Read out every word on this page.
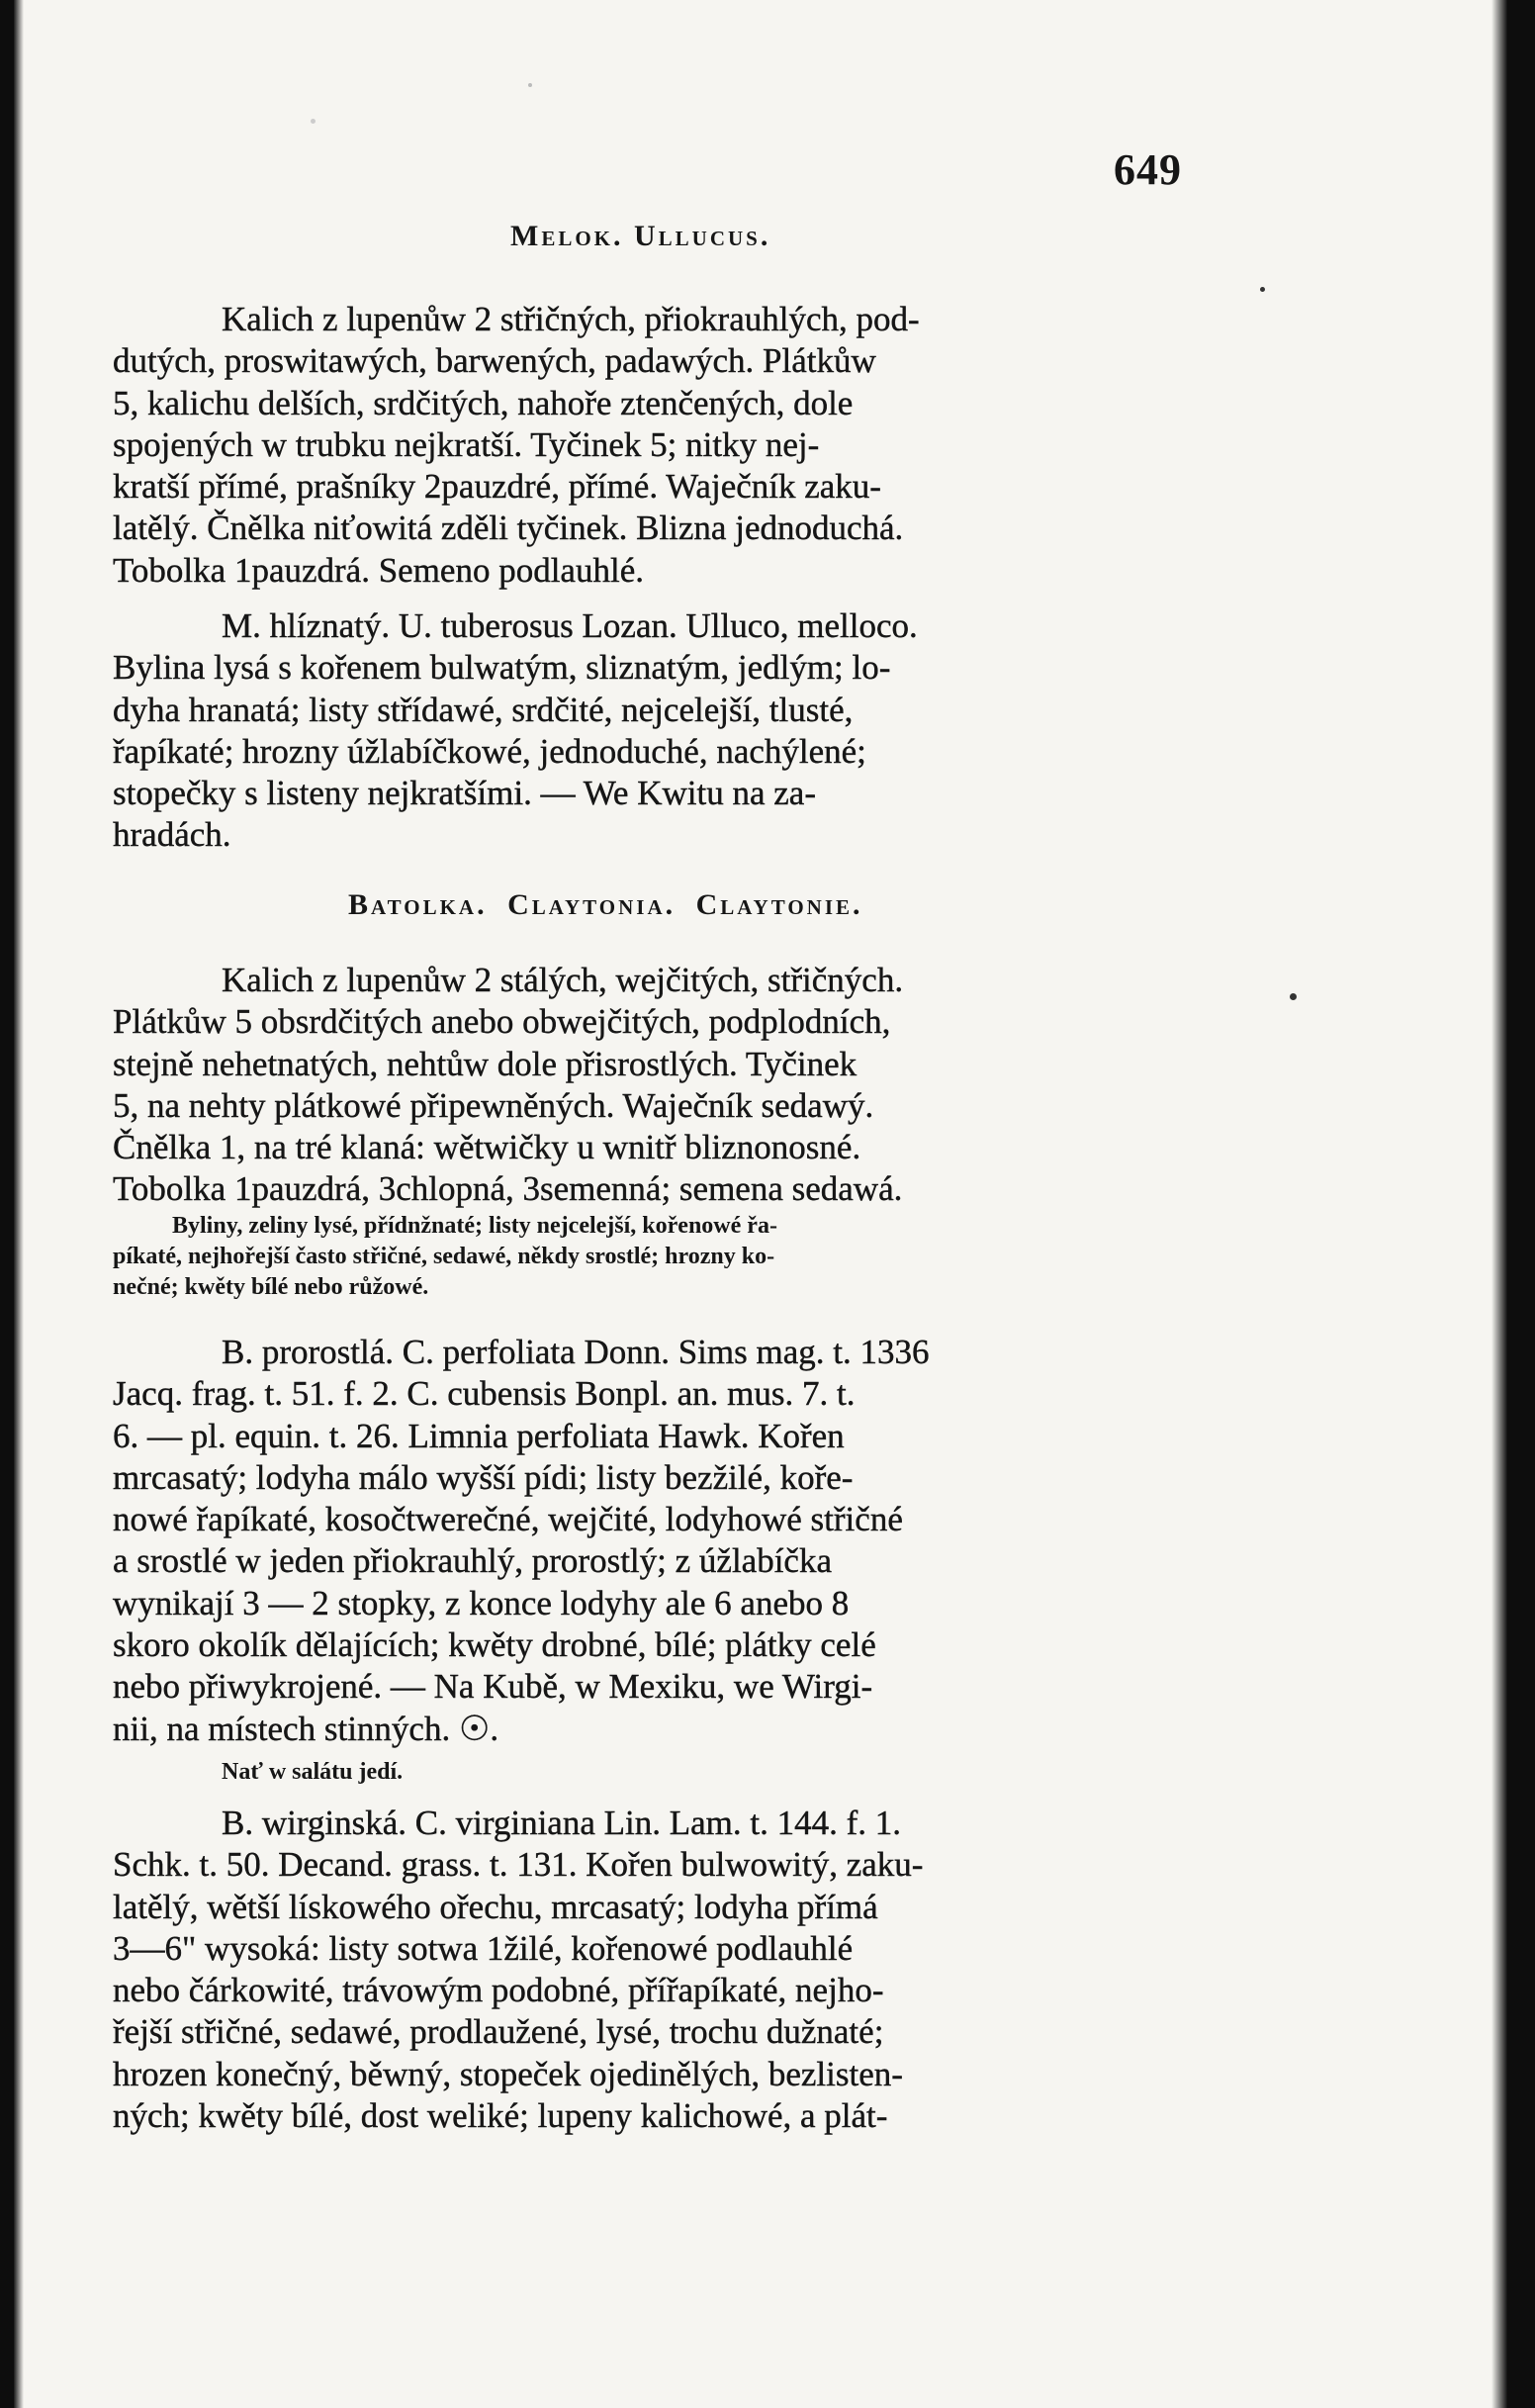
649
Melok. Ullucus.
Kalich z lupenůw 2 střičných, přiokrauhlých, pod-
dutých, proswitawých, barwených, padawých. Plátkůw
5, kalichu delších, srdčitých, nahoře ztenčených, dole
spojených w trubku nejkratší. Tyčinek 5; nitky nej-
kratší přímé, prašníky 2pauzdré, přímé. Waječník zaku-
latělý. Čnělka niťowitá zděli tyčinek. Blizna jednoduchá.
Tobolka 1pauzdrá. Semeno podlauhlé.
M. hlíznatý. U. tuberosus Lozan. Ulluco, melloco.
Bylina lysá s kořenem bulwatým, sliznatým, jedlým; lo-
dyha hranatá; listy střídawé, srdčité, nejcelejší, tlusté,
řapíkaté; hrozny úžlabíčkowé, jednoduché, nachýlené;
stopečky s listeny nejkratšími. — We Kwitu na za-
hradách.
Batolka. Claytonia. Claytonie.
Kalich z lupenůw 2 stálých, wejčitých, střičných.
Plátkůw 5 obsrdčitých anebo obwejčitých, podplodních,
stejně nehetnatých, nehtůw dole přisrostlých. Tyčinek
5, na nehty plátkowé připewněných. Waječník sedawý.
Čnělka 1, na tré klaná: wětwičky u wnitř bliznonosné.
Tobolka 1pauzdrá, 3chlopná, 3semenná; semena sedawá.
Byliny, zeliny lysé, přídnžnaté; listy nejcelejší, kořenowé řa-
píkaté, nejhořejší často střičné, sedawé, někdy srostlé; hrozny ko-
nečné; kwěty bílé nebo růžowé.
B. prorostlá. C. perfoliata Donn. Sims mag. t. 1336
Jacq. frag. t. 51. f. 2. C. cubensis Bonpl. an. mus. 7. t.
6. — pl. equin. t. 26. Limnia perfoliata Hawk. Kořen
mrcasatý; lodyha málo wyšší pídi; listy bezžilé, koře-
nowé řapíkaté, kosočtwerečné, wejčité, lodyhowé střičné
a srostlé w jeden přiokrauhlý, prorostlý; z úžlabíčka
wynikají 3 — 2 stopky, z konce lodyhy ale 6 anebo 8
skoro okolík dělajících; kwěty drobné, bílé; plátky celé
nebo přiwykrojené. — Na Kubě, w Mexiku, we Wirgi-
nii, na místech stinných. ☉.
Nať w salátu jedí.
B. wirginská. C. virginiana Lin. Lam. t. 144. f. 1.
Schk. t. 50. Decand. grass. t. 131. Kořen bulwowitý, zaku-
latělý, wětší lískowého ořechu, mrcasatý; lodyha přímá
3—6" wysoká: listy sotwa 1žilé, kořenowé podlauhlé
nebo čárkowité, trávowým podobné, přířapíkaté, nejho-
řejší střičné, sedawé, prodlaužené, lysé, trochu dužnaté;
hrozen konečný, běwný, stopeček ojedinělých, bezlisten-
ných; kwěty bílé, dost weliké; lupeny kalichowé, a plát-
